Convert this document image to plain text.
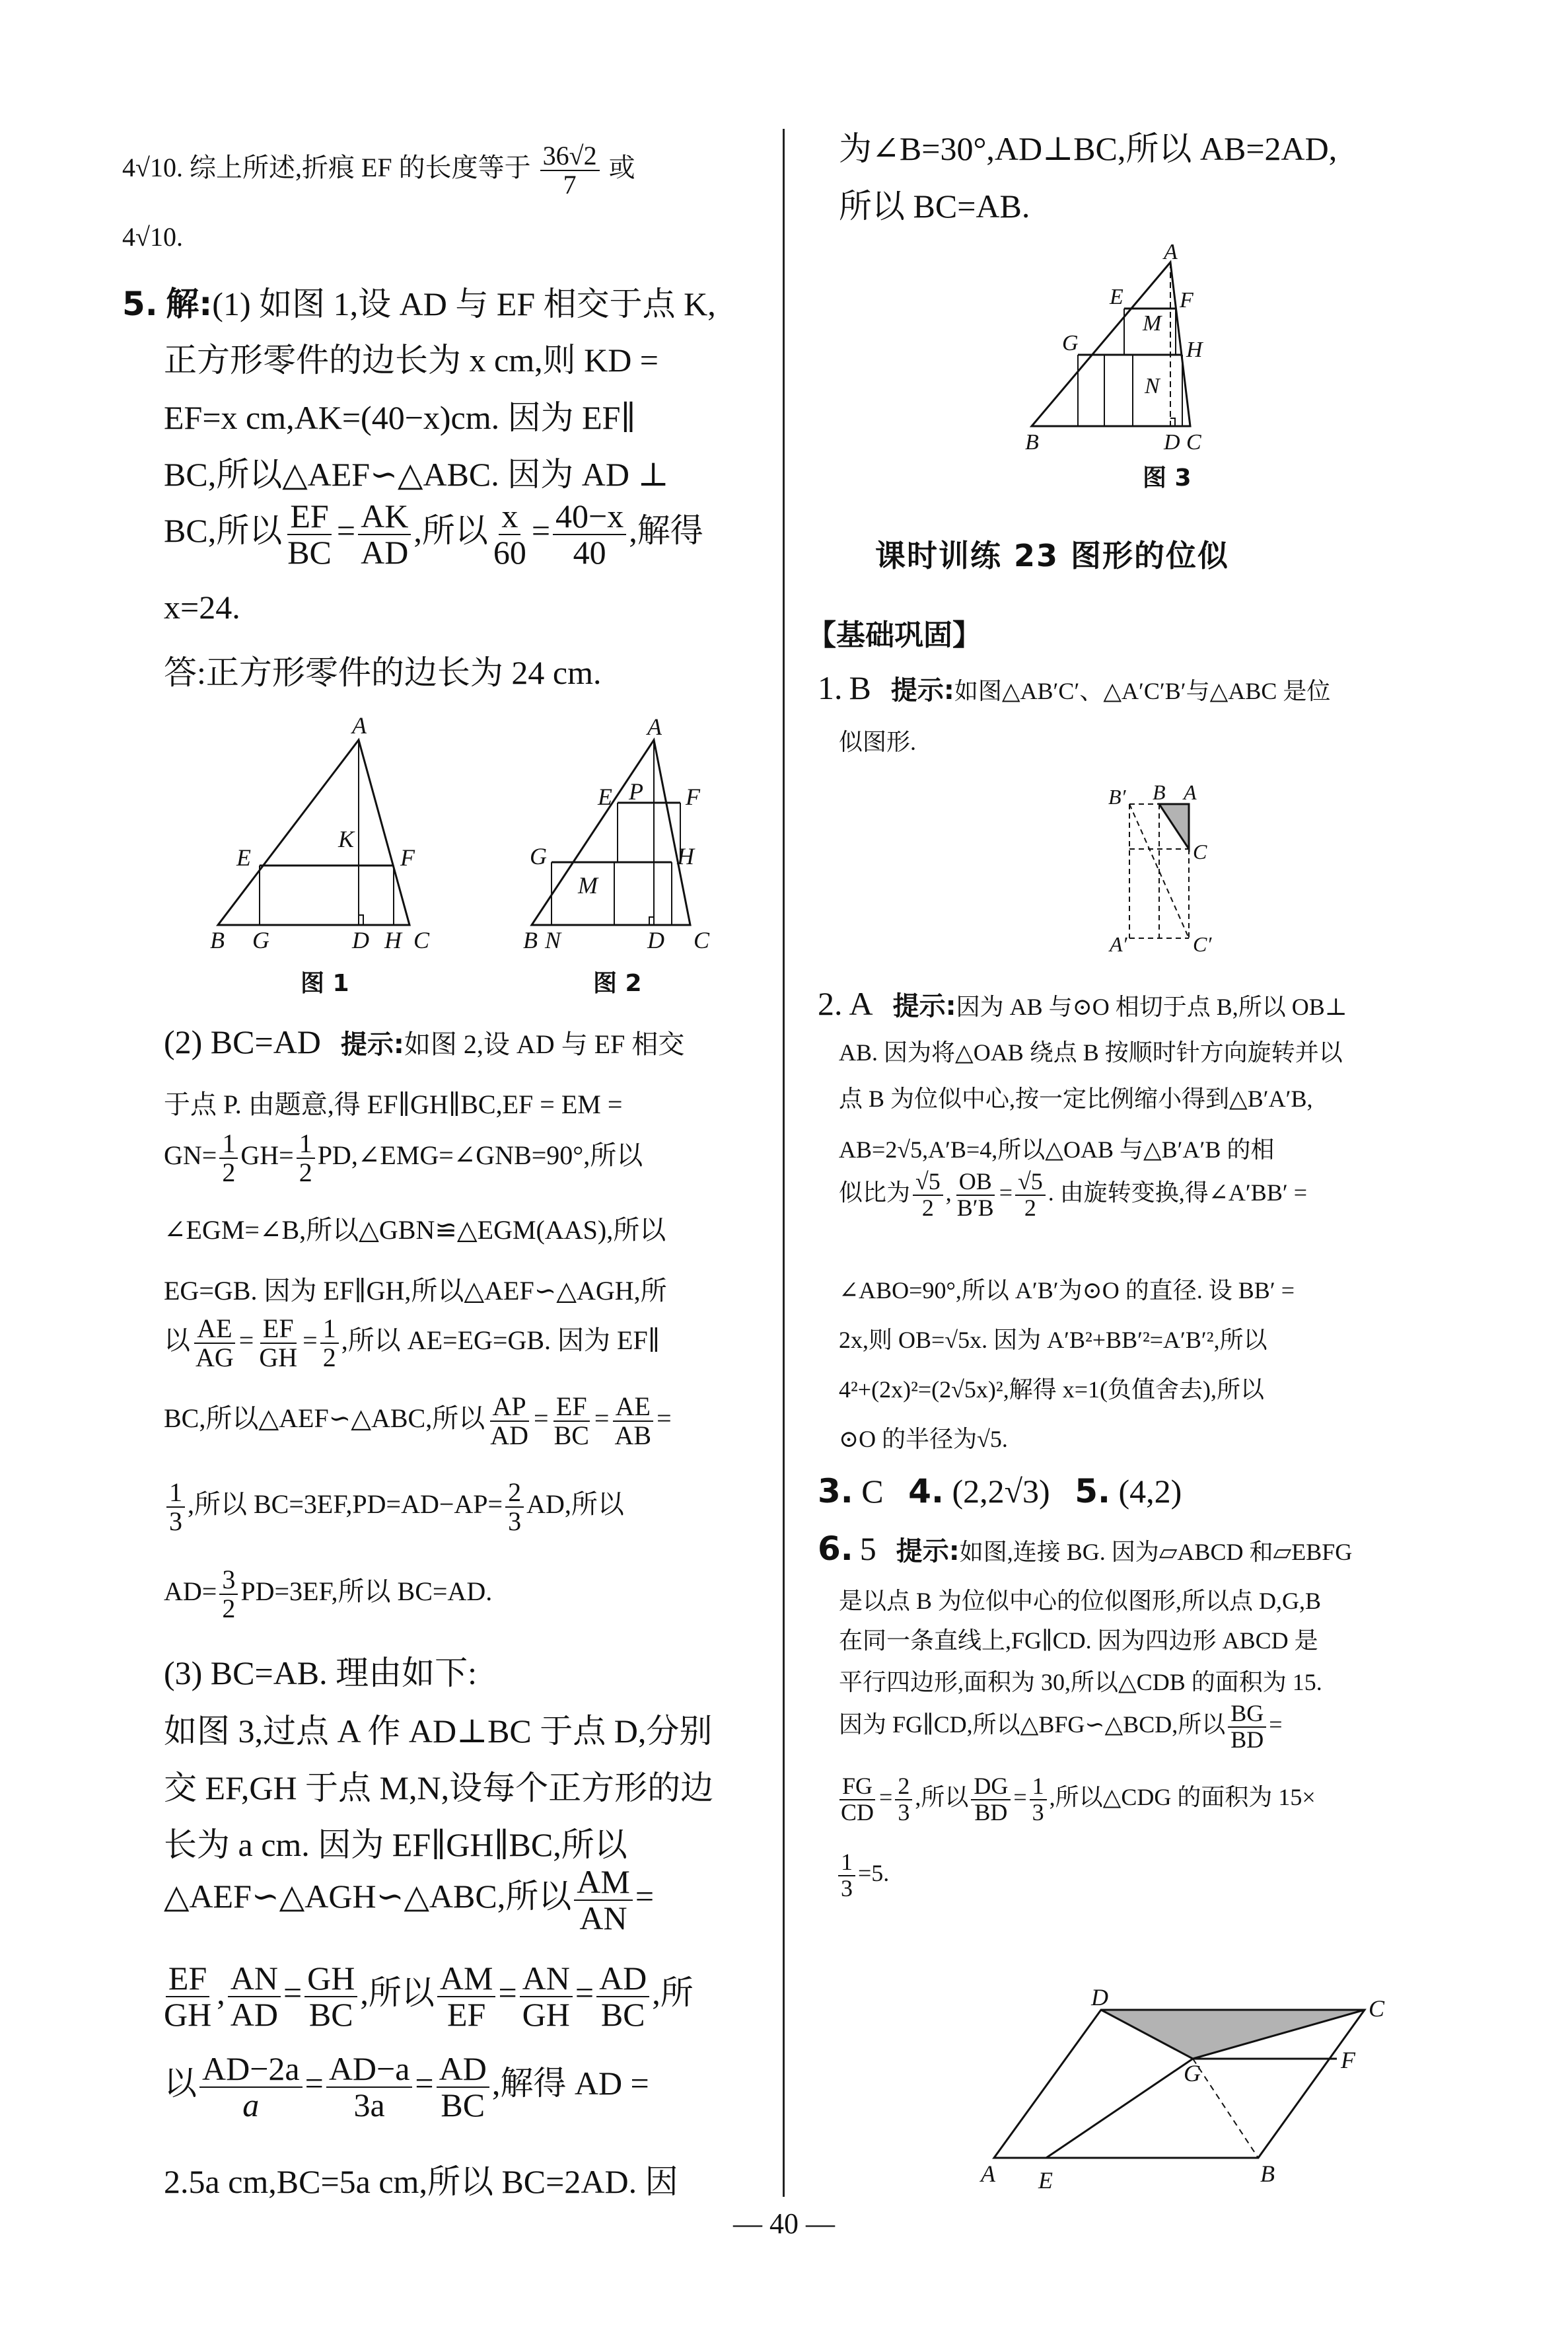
4√10. 综上所述,折痕 EF 的长度等于 $\frac{36√2}{7}$ 或
4√10.
5. 解:(1) 如图 1,设 AD 与 EF 相交于点 K,
正方形零件的边长为 x cm,则 KD =
EF=x cm,AK=(40−x)cm. 因为 EF∥
BC,所以△AEF∽△ABC. 因为 AD ⊥
BC,所以 $\frac{EF}{BC} = \frac{AK}{AD}$ ,所以 $\frac{x}{60} = \frac{40-x}{40}$ ,解得
x=24.
答:正方形零件的边长为 24 cm.
A
B	C
D
E	F
G	H
K
图 1
A
B	C
D
E	F
G	H
M
N
P
图 2
(2) BC=AD 提示:如图 2,设 AD 与 EF 相交
于点 P. 由题意,得 EF∥GH∥BC,EF = EM =
$GN= \frac{1}{2} GH= \frac{1}{2}$ PD,∠EMG=∠GNB=90°,所以
∠EGM=∠B,所以△GBN≌△EGM(AAS),所以
EG=GB. 因为 EF∥GH,所以△AEF∽△AGH,所
以 $\frac{AE}{AG} = \frac{EF}{GH} = \frac{1}{2}$ ,所以 AE=EG=GB. 因为 EF∥
BC,所以△AEF∽△ABC,所以 $\frac{AP}{AD} = \frac{EF}{BC} = \frac{AE}{AB}$ =
$\frac{1}{3}$ ,所以 $BC=3EF,PD=AD-AP= \frac{2}{3}$ AD,所以
$AD= \frac{3}{2} PD=3EF$,所以 BC=AD.
(3) BC=AB. 理由如下:
如图 3,过点 A 作 AD⊥BC 于点 D,分别
交 EF,GH 于点 M,N,设每个正方形的边
长为 a cm. 因为 EF∥GH∥BC,所以
△AEF∽△AGH∽△ABC,所以 $\frac{AM}{AN}$ =
$\frac{EF}{GH}$ , $\frac{AN}{AD} = \frac{GH}{BC}$ ,所以 $\frac{AM}{EF} = \frac{AN}{GH} = \frac{AD}{BC}$ ,所
以 $\frac{AD-2a}{a} = \frac{AD-a}{3a} = \frac{AD}{BC}$ ,解得 AD =
2.5a cm,BC=5a cm,所以 BC=2AD. 因
为∠B=30°,AD⊥BC,所以 AB=2AD,
所以 BC=AB.
A
B	C
D
E	F
G	H
M
N
图 3
课时训练 23 图形的位似
【基础巩固】
1. B 提示:如图△AB′C′、△A′C′B′与△ABC 是位
似图形.
A
B
C
A′
B′
C′
2. A 提示:因为 AB 与⊙O 相切于点 B,所以 OB⊥
AB. 因为将△OAB 绕点 B 按顺时针方向旋转并以
点 B 为位似中心,按一定比例缩小得到△B′A′B,
AB=2√5,A′B=4,所以△OAB 与△B′A′B 的相
似比为 $\frac{√5}{2}$ , $\frac{OB}{B'B} = \frac{√5}{2}$ . 由旋转变换,得∠A′BB′ =
∠ABO=90°,所以 A′B′为⊙O 的直径. 设 BB′ =
2x,则 OB=√5x. 因为 A′B²+BB′²=A′B′²,所以
4²+(2x)²=(2√5x)²,解得 x=1(负值舍去),所以
⊙O 的半径为√5.
3. C 4. (2,2√3) 5. (4,2)
6. 5 提示:如图,连接 BG. 因为▱ABCD 和▱EBFG
是以点 B 为位似中心的位似图形,所以点 D,G,B
在同一条直线上,FG∥CD. 因为四边形 ABCD 是
平行四边形,面积为 30,所以△CDB 的面积为 15.
因为 FG∥CD,所以△BFG∽△BCD,所以 $\frac{BG}{BD}$ =
$\frac{FG}{CD} = \frac{2}{3}$ ,所以 $\frac{DG}{BD} = \frac{1}{3}$ ,所以△CDG 的面积为 15×
$\frac{1}{3} =5$.
A	B
C
D
E
F
G
— 40 —
